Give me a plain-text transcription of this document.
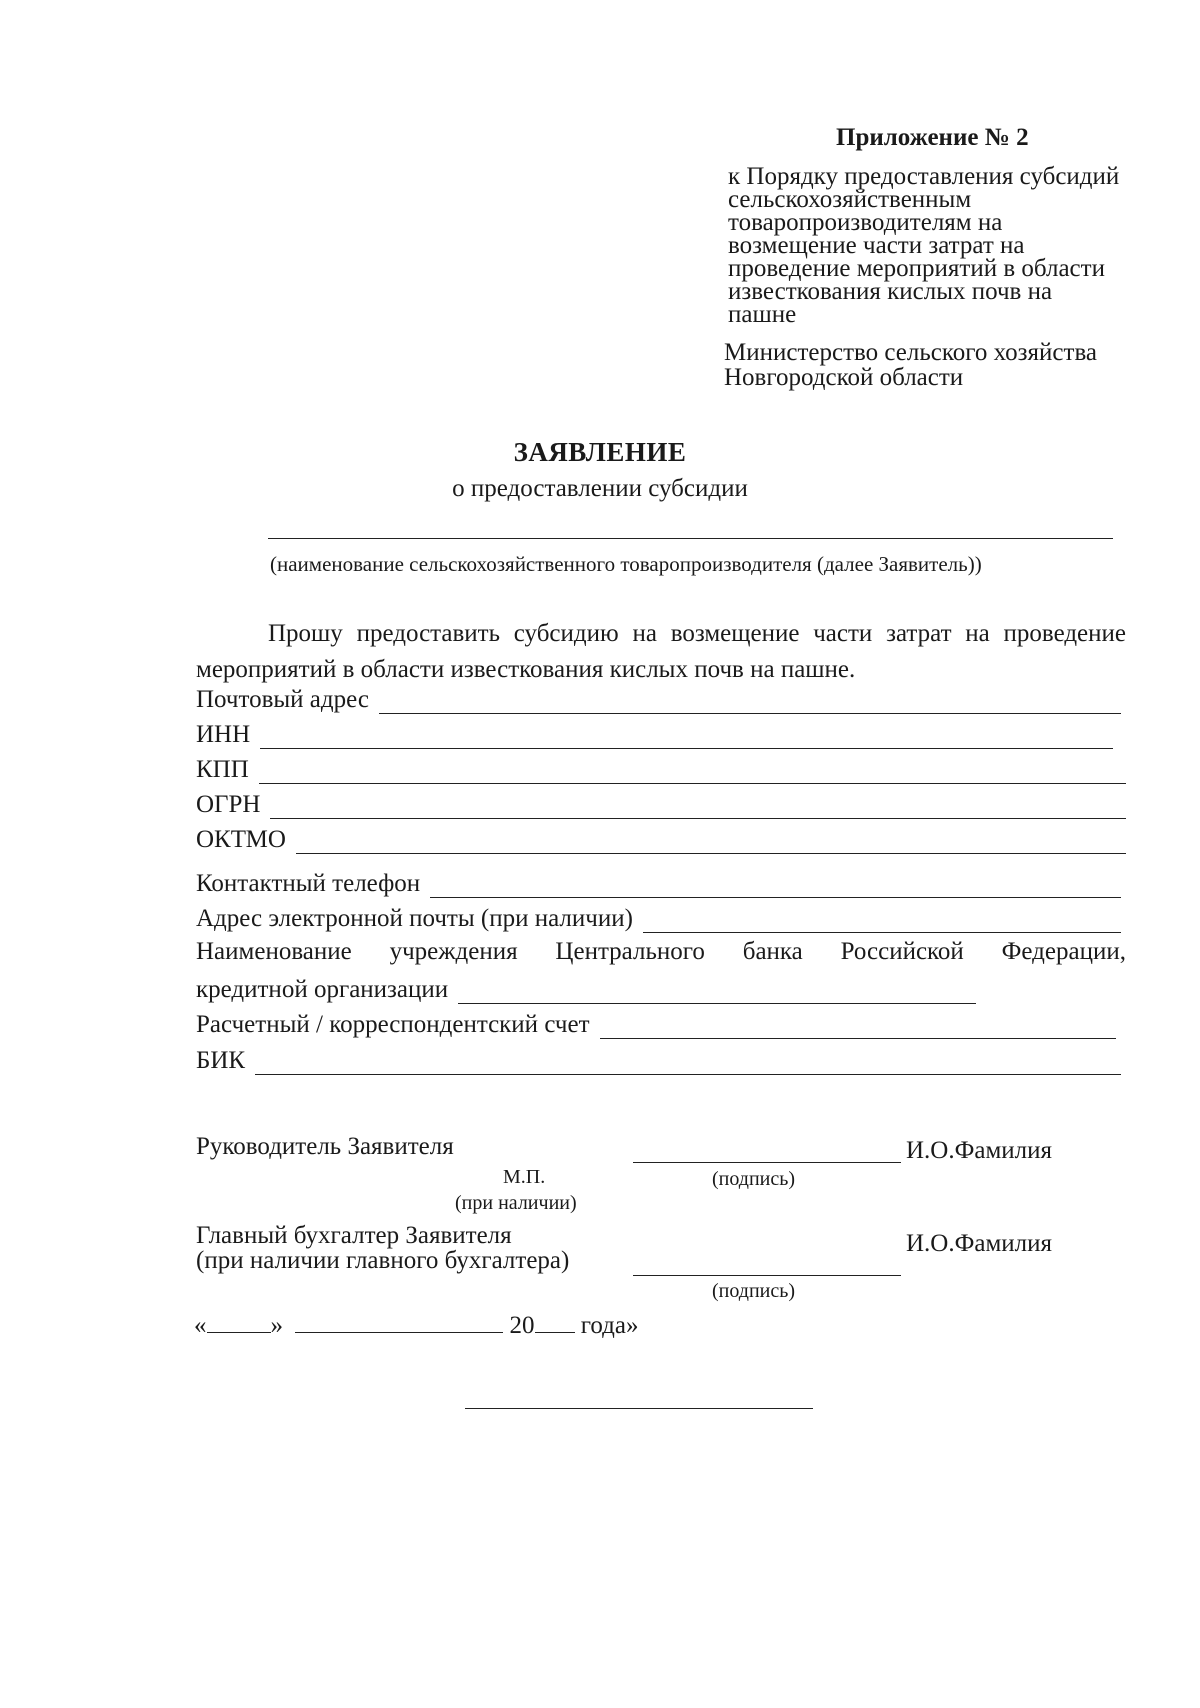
Приложение № 2
к Порядку предоставления субсидий
сельскохозяйственным
товаропроизводителям на
возмещение части затрат на
проведение мероприятий в области
известкования кислых почв на
пашне
Министерство сельского хозяйства
Новгородской области
ЗАЯВЛЕНИЕ
о предоставлении субсидии
(наименование сельскохозяйственного товаропроизводителя (далее Заявитель))
Прошу предоставить субсидию на возмещение части затрат на проведение мероприятий в области известкования кислых почв на пашне.
Почтовый адрес
ИНН
КПП
ОГРН
ОКТМО
Контактный телефон
Адрес электронной почты (при наличии)
Наименование учреждения Центрального банка Российской Федерации,
кредитной организации
Расчетный / корреспондентский счет
БИК
Руководитель Заявителя	И.О.Фамилия
М.П.	(подпись)
(при наличии)
Главный бухгалтер Заявителя
(при наличии главного бухгалтера)
И.О.Фамилия
(подпись)
«	»	20 года»
